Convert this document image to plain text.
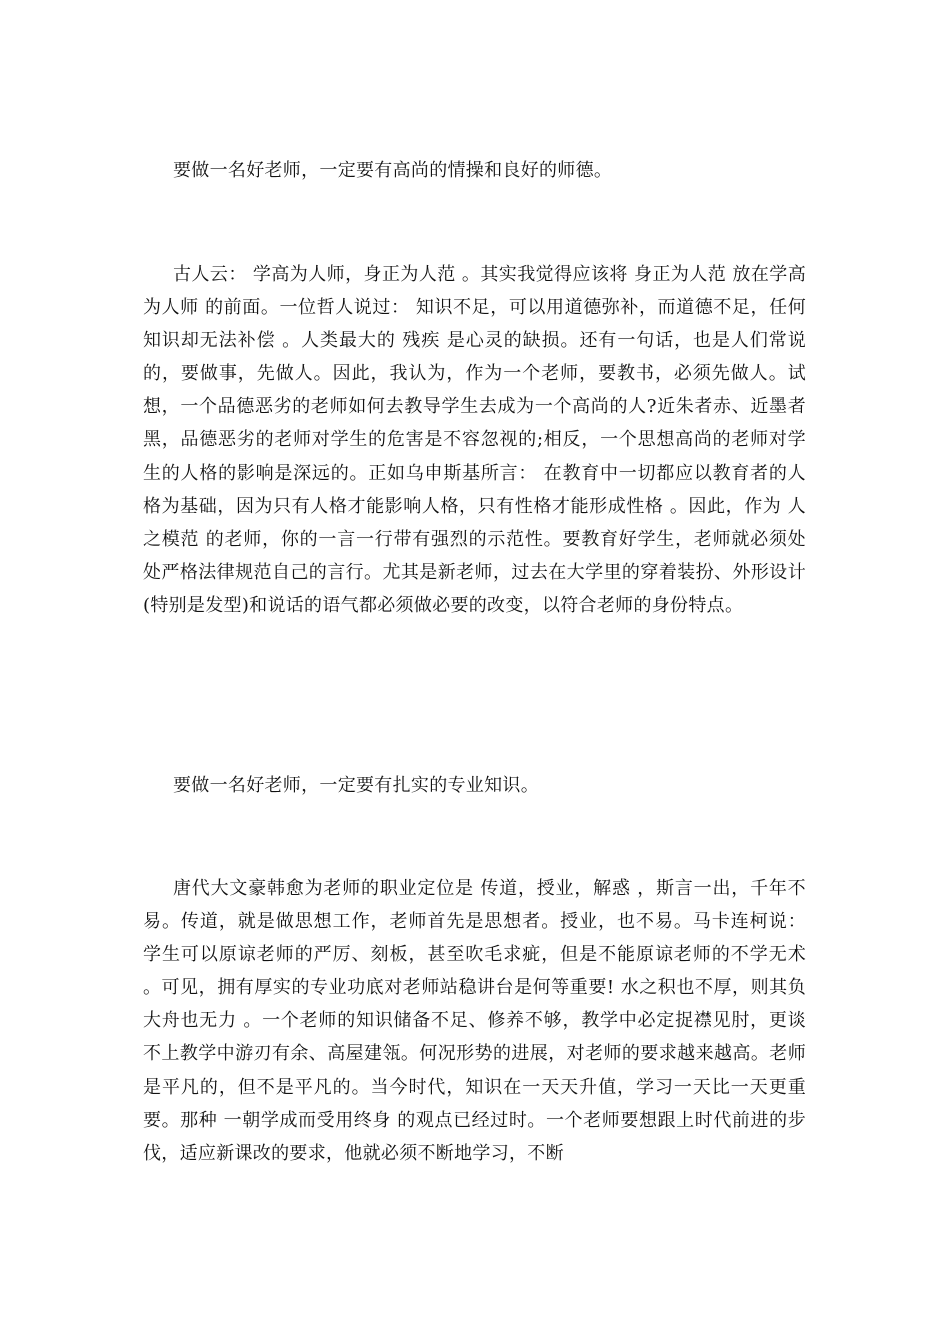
要做一名好老师，一定要有高尚的情操和良好的师德。
古人云： 学高为人师，身正为人范 。其实我觉得应该将 身正为人范 放在学高为人师 的前面。一位哲人说过： 知识不足，可以用道德弥补，而道德不足，任何知识却无法补偿 。人类最大的 残疾 是心灵的缺损。还有一句话，也是人们常说的，要做事，先做人。因此，我认为，作为一个老师，要教书，必须先做人。试想，一个品德恶劣的老师如何去教导学生去成为一个高尚的人?近朱者赤、近墨者黑，品德恶劣的老师对学生的危害是不容忽视的;相反，一个思想高尚的老师对学生的人格的影响是深远的。正如乌申斯基所言： 在教育中一切都应以教育者的人格为基础，因为只有人格才能影响人格，只有性格才能形成性格 。因此，作为 人之模范 的老师，你的一言一行带有强烈的示范性。要教育好学生，老师就必须处处严格法律规范自己的言行。尤其是新老师，过去在大学里的穿着装扮、外形设计(特别是发型)和说话的语气都必须做必要的改变，以符合老师的身份特点。
要做一名好老师，一定要有扎实的专业知识。
唐代大文豪韩愈为老师的职业定位是 传道，授业，解惑 ，斯言一出，千年不易。传道，就是做思想工作，老师首先是思想者。授业，也不易。马卡连柯说： 学生可以原谅老师的严厉、刻板，甚至吹毛求疵，但是不能原谅老师的不学无术 。可见，拥有厚实的专业功底对老师站稳讲台是何等重要! 水之积也不厚，则其负大舟也无力 。一个老师的知识储备不足、修养不够，教学中必定捉襟见肘，更谈不上教学中游刃有余、高屋建瓴。何况形势的进展，对老师的要求越来越高。老师是平凡的，但不是平凡的。当今时代，知识在一天天升值，学习一天比一天更重要。那种 一朝学成而受用终身 的观点已经过时。一个老师要想跟上时代前进的步伐，适应新课改的要求，他就必须不断地学习，不断
